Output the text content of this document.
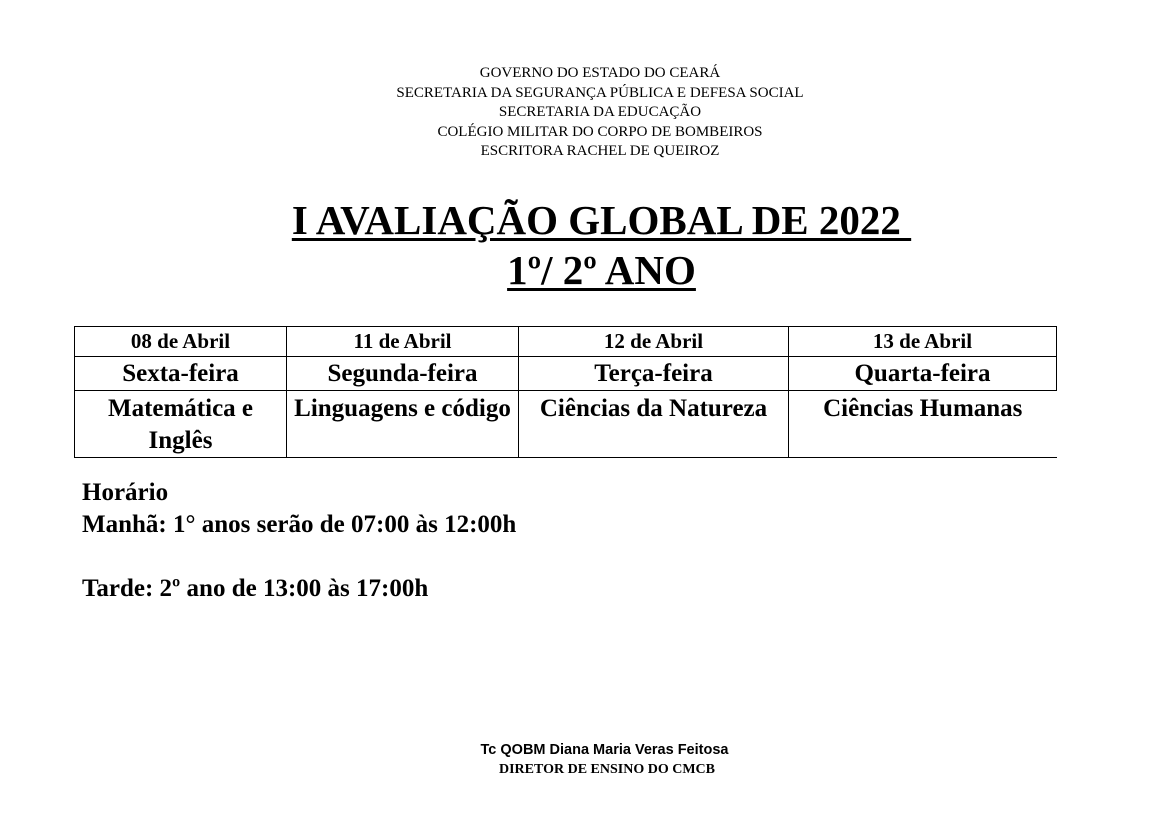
GOVERNO DO ESTADO DO CEARÁ
SECRETARIA DA SEGURANÇA PÚBLICA E DEFESA SOCIAL
SECRETARIA DA EDUCAÇÃO
COLÉGIO MILITAR DO CORPO DE BOMBEIROS
ESCRITORA RACHEL DE QUEIROZ
I AVALIAÇÃO GLOBAL DE 2022
1º/ 2º ANO
08 de Abril	11 de Abril	12 de Abril	13 de Abril
Sexta-feira	Segunda-feira	Terça-feira	Quarta-feira
Matemática e Inglês	Linguagens e código	Ciências da Natureza	Ciências Humanas
Horário
Manhã: 1° anos serão de 07:00 às 12:00h
Tarde: 2º ano de 13:00 às 17:00h
Tc QOBM Diana Maria Veras Feitosa
DIRETOR DE ENSINO DO CMCB
